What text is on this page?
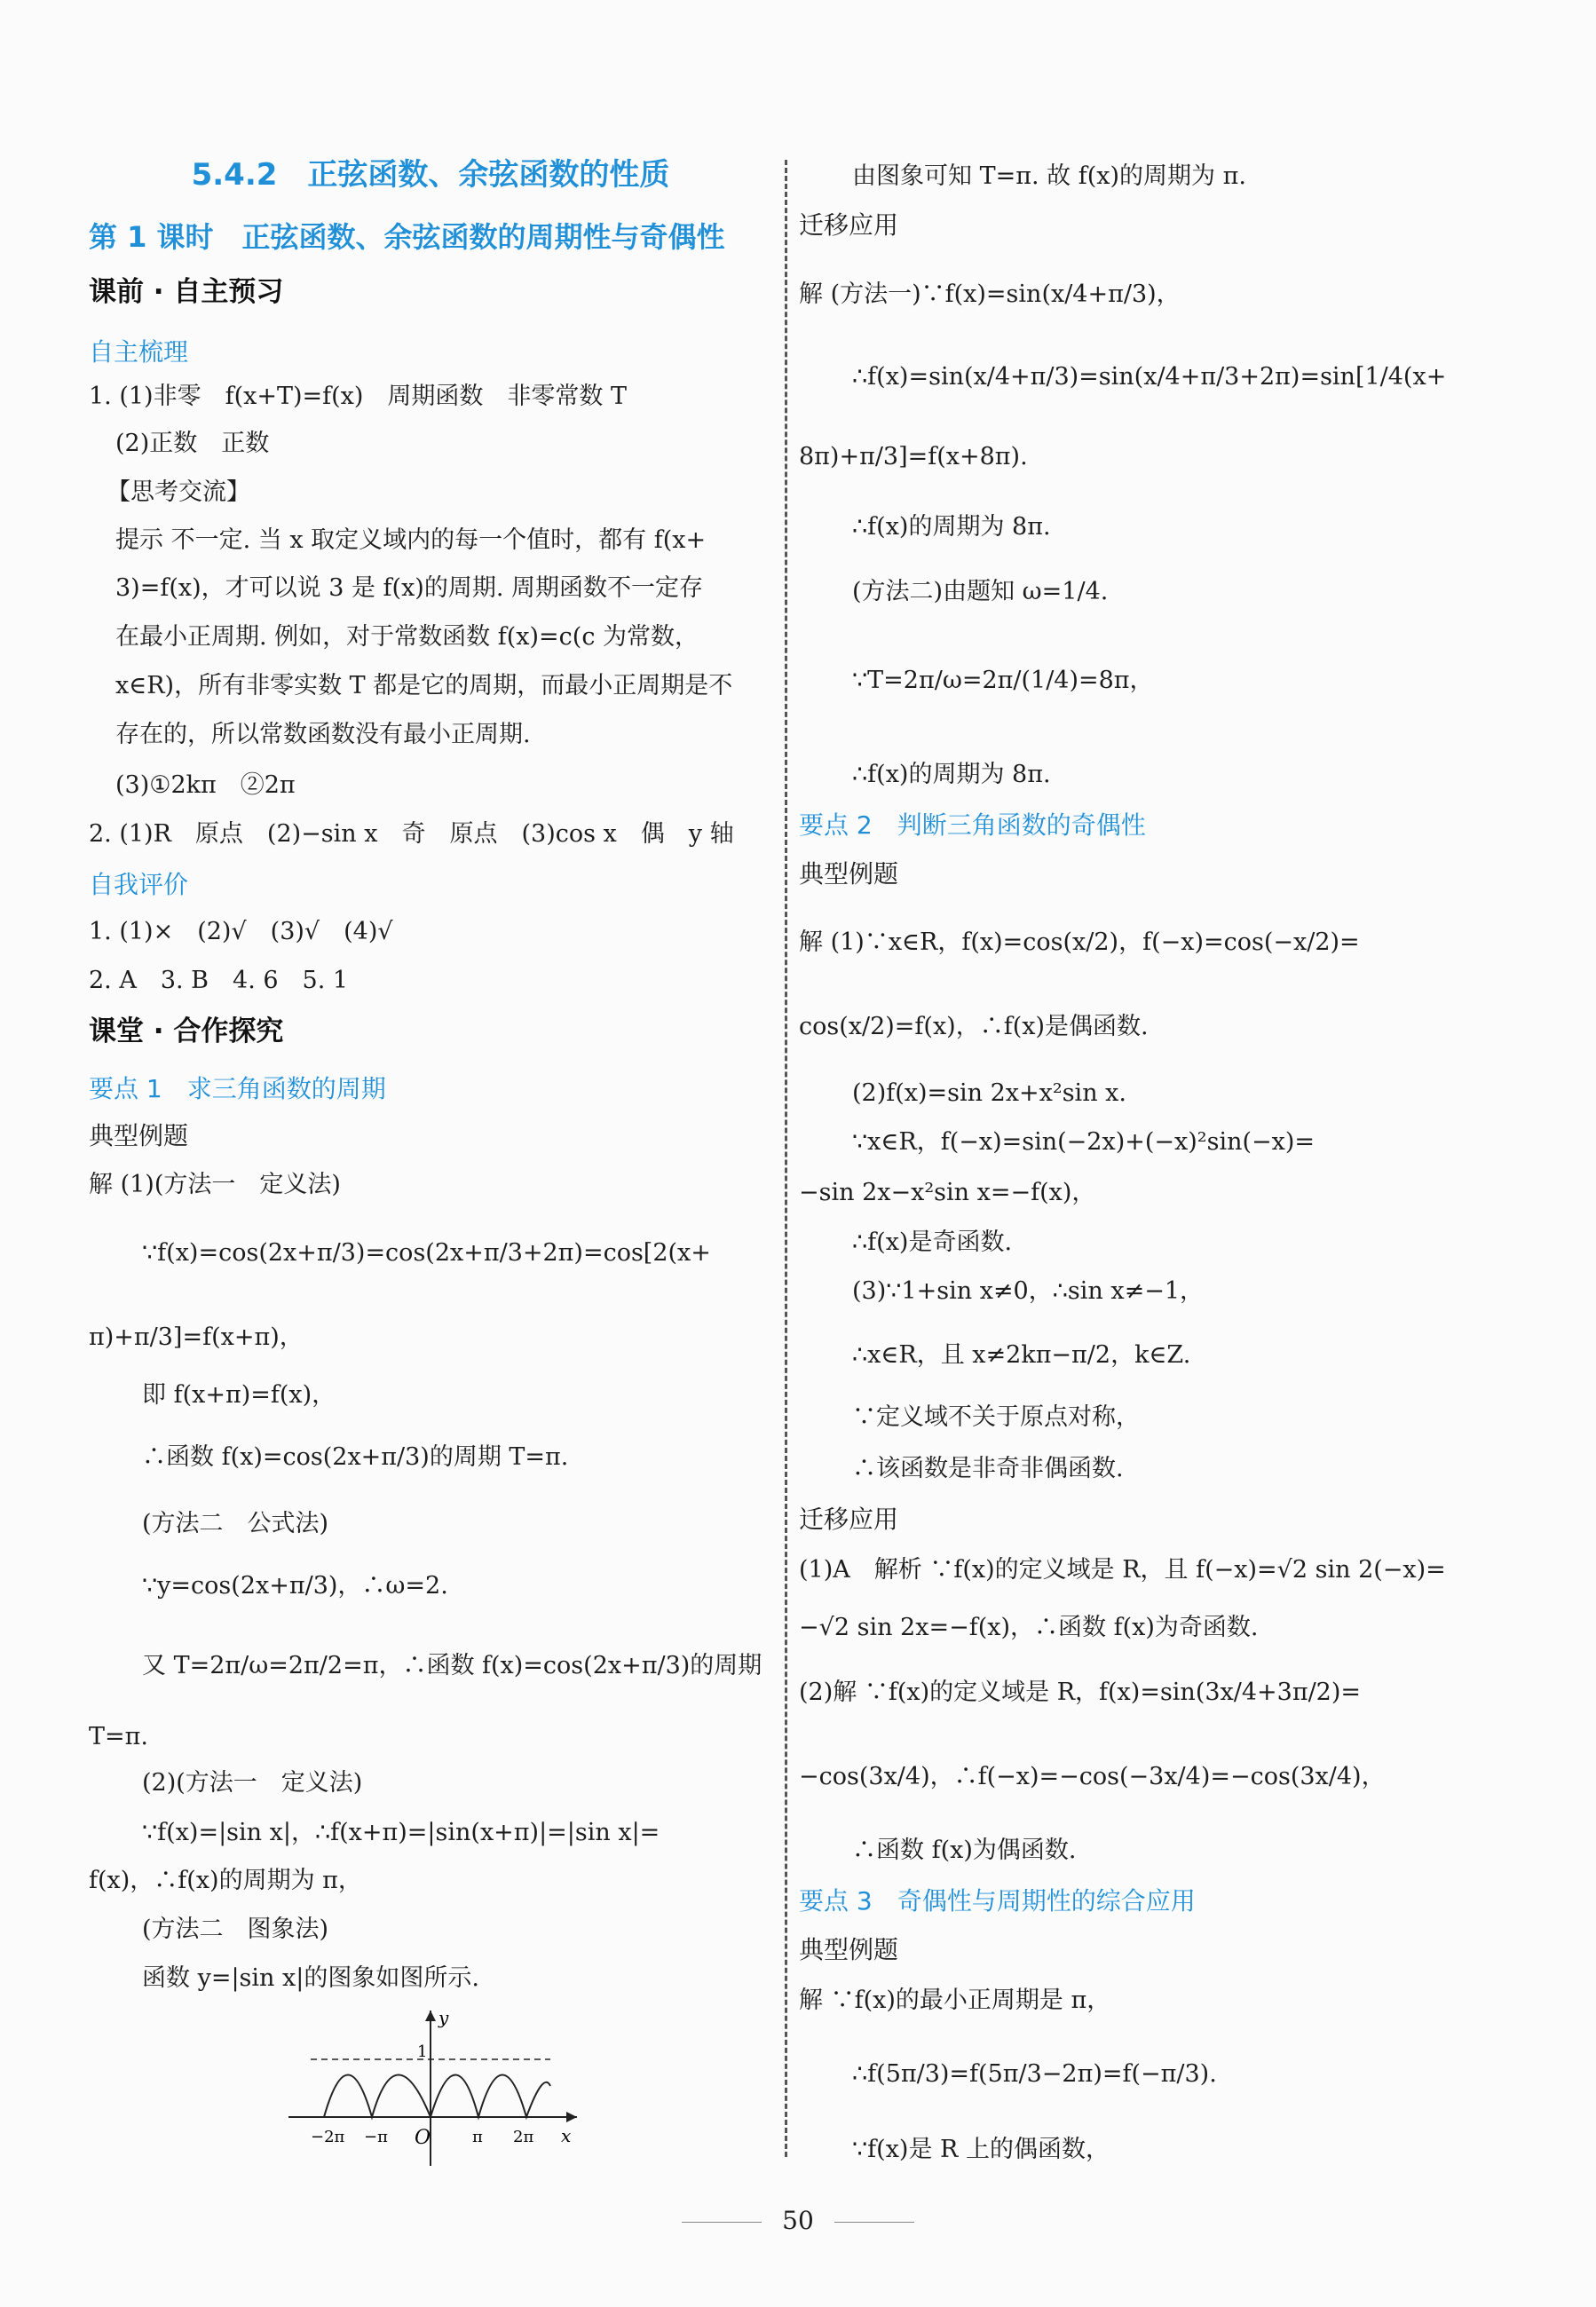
5.4.2　正弦函数、余弦函数的性质
第 1 课时　正弦函数、余弦函数的周期性与奇偶性
课前 · 自主预习
自主梳理
1. (1)非零　f(x+T)=f(x)　周期函数　非零常数 T
(2)正数　正数
【思考交流】
提示 不一定. 当 x 取定义域内的每一个值时，都有 f(x+
3)=f(x)，才可以说 3 是 f(x)的周期. 周期函数不一定存
在最小正周期. 例如，对于常数函数 f(x)=c(c 为常数，
x∈R)，所有非零实数 T 都是它的周期，而最小正周期是不
存在的，所以常数函数没有最小正周期.
(3)①2kπ　②2π
2. (1)R　原点　(2)−sin x　奇　原点　(3)cos x　偶　y 轴
自我评价
1. (1)×　(2)√　(3)√　(4)√
2. A　3. B　4. 6　5. 1
课堂 · 合作探究
要点 1　求三角函数的周期
典型例题
解 (1)(方法一　定义法)
∵f(x)=cos(2x+π/3)=cos(2x+π/3+2π)=cos[2(x+
π)+π/3]=f(x+π)，
即 f(x+π)=f(x)，
∴函数 f(x)=cos(2x+π/3)的周期 T=π.
(方法二　公式法)
∵y=cos(2x+π/3)，∴ω=2.
又 T=2π/ω=2π/2=π，∴函数 f(x)=cos(2x+π/3)的周期
T=π.
(2)(方法一　定义法)
∵f(x)=|sin x|，∴f(x+π)=|sin(x+π)|=|sin x|=
f(x)，∴f(x)的周期为 π，
(方法二　图象法)
函数 y=|sin x|的图象如图所示.
由图象可知 T=π. 故 f(x)的周期为 π.
迁移应用
解 (方法一)∵f(x)=sin(x/4+π/3)，
∴f(x)=sin(x/4+π/3)=sin(x/4+π/3+2π)=sin[1/4(x+
8π)+π/3]=f(x+8π).
∴f(x)的周期为 8π.
(方法二)由题知 ω=1/4.
∵T=2π/ω=2π/(1/4)=8π，
∴f(x)的周期为 8π.
要点 2　判断三角函数的奇偶性
典型例题
解 (1)∵x∈R，f(x)=cos(x/2)，f(−x)=cos(−x/2)=
cos(x/2)=f(x)，∴f(x)是偶函数.
(2)f(x)=sin 2x+x²sin x.
∵x∈R，f(−x)=sin(−2x)+(−x)²sin(−x)=
−sin 2x−x²sin x=−f(x)，
∴f(x)是奇函数.
(3)∵1+sin x≠0，∴sin x≠−1，
∴x∈R，且 x≠2kπ−π/2，k∈Z.
∵定义域不关于原点对称，
∴该函数是非奇非偶函数.
迁移应用
(1)A　解析 ∵f(x)的定义域是 R，且 f(−x)=√2 sin 2(−x)=
−√2 sin 2x=−f(x)，∴函数 f(x)为奇函数.
(2)解 ∵f(x)的定义域是 R，f(x)=sin(3x/4+3π/2)=
−cos(3x/4)，∴f(−x)=−cos(−3x/4)=−cos(3x/4)，
∴函数 f(x)为偶函数.
要点 3　奇偶性与周期性的综合应用
典型例题
解 ∵f(x)的最小正周期是 π，
∴f(5π/3)=f(5π/3−2π)=f(−π/3).
∵f(x)是 R 上的偶函数，
y
1
O	x
−2π −π	π 2π
50
